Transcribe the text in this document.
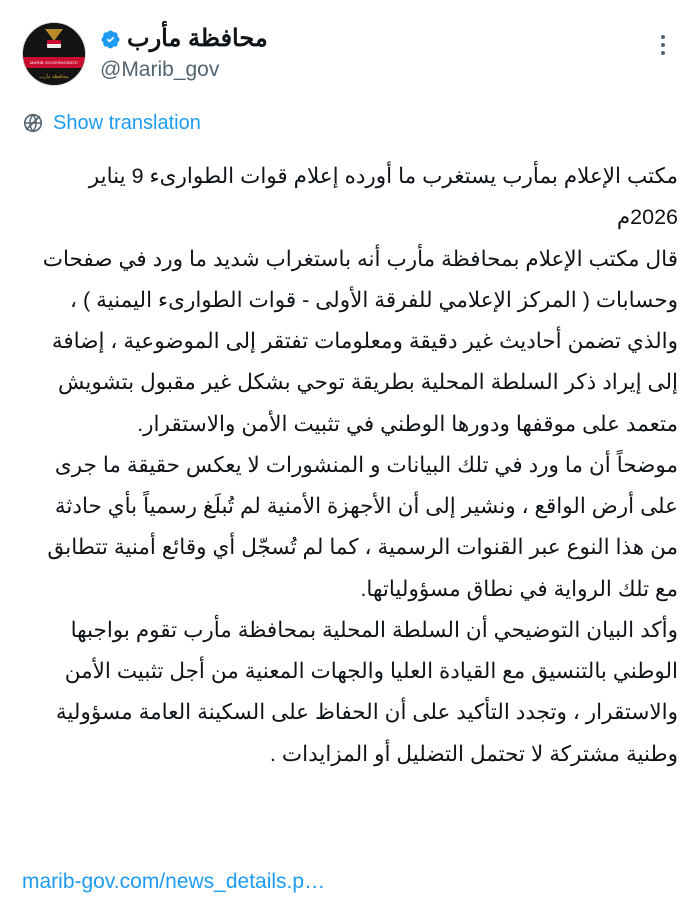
MARIB GOVERNORATE
محافظة مأرب
محافظة مأرب
@Marib_gov
Show translation

مكتب الإعلام بمأرب يستغرب ما أورده إعلام قوات الطوارىء 9 يناير 2026م

قال مكتب الإعلام بمحافظة مأرب أنه باستغراب شديد ما ورد في صفحات وحسابات ( المركز الإعلامي للفرقة الأولى - قوات الطوارىء اليمنية ) ، والذي تضمن أحاديث غير دقيقة ومعلومات تفتقر إلى الموضوعية ، إضافة إلى إيراد ذكر السلطة المحلية بطريقة توحي بشكل غير مقبول بتشويش متعمد على موقفها ودورها الوطني في تثبيت الأمن والاستقرار.

موضحاً أن ما ورد في تلك البيانات و المنشورات لا يعكس حقيقة ما جرى على أرض الواقع ، ونشير إلى أن الأجهزة الأمنية لم تُبلَغ رسمياً بأي حادثة من هذا النوع عبر القنوات الرسمية ، كما لم تُسجّل أي وقائع أمنية تتطابق مع تلك الرواية في نطاق مسؤولياتها.

وأكد البيان التوضيحي أن السلطة المحلية بمحافظة مأرب تقوم بواجبها الوطني بالتنسيق مع القيادة العليا والجهات المعنية من أجل تثبيت الأمن والاستقرار ، وتجدد التأكيد على أن الحفاظ على السكينة العامة مسؤولية وطنية مشتركة لا تحتمل التضليل أو المزايدات .

marib-gov.com/news_details.p…
